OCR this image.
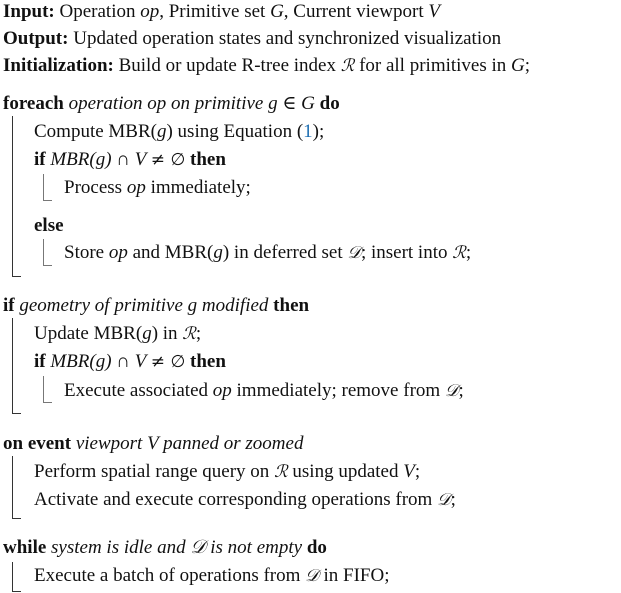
Input: Operation op, Primitive set G, Current viewport V
Output: Updated operation states and synchronized visualization
Initialization: Build or update R-tree index ℛ for all primitives in G;
foreach operation op on primitive g ∈ G do
Compute MBR(g) using Equation (1);
if MBR(g) ∩ V ≠ ∅ then
Process op immediately;
else
Store op and MBR(g) in deferred set 𝒟; insert into ℛ;
if geometry of primitive g modified then
Update MBR(g) in ℛ;
if MBR(g) ∩ V ≠ ∅ then
Execute associated op immediately; remove from 𝒟;
on event viewport V panned or zoomed
Perform spatial range query on ℛ using updated V;
Activate and execute corresponding operations from 𝒟;
while system is idle and 𝒟 is not empty do
Execute a batch of operations from 𝒟 in FIFO;
